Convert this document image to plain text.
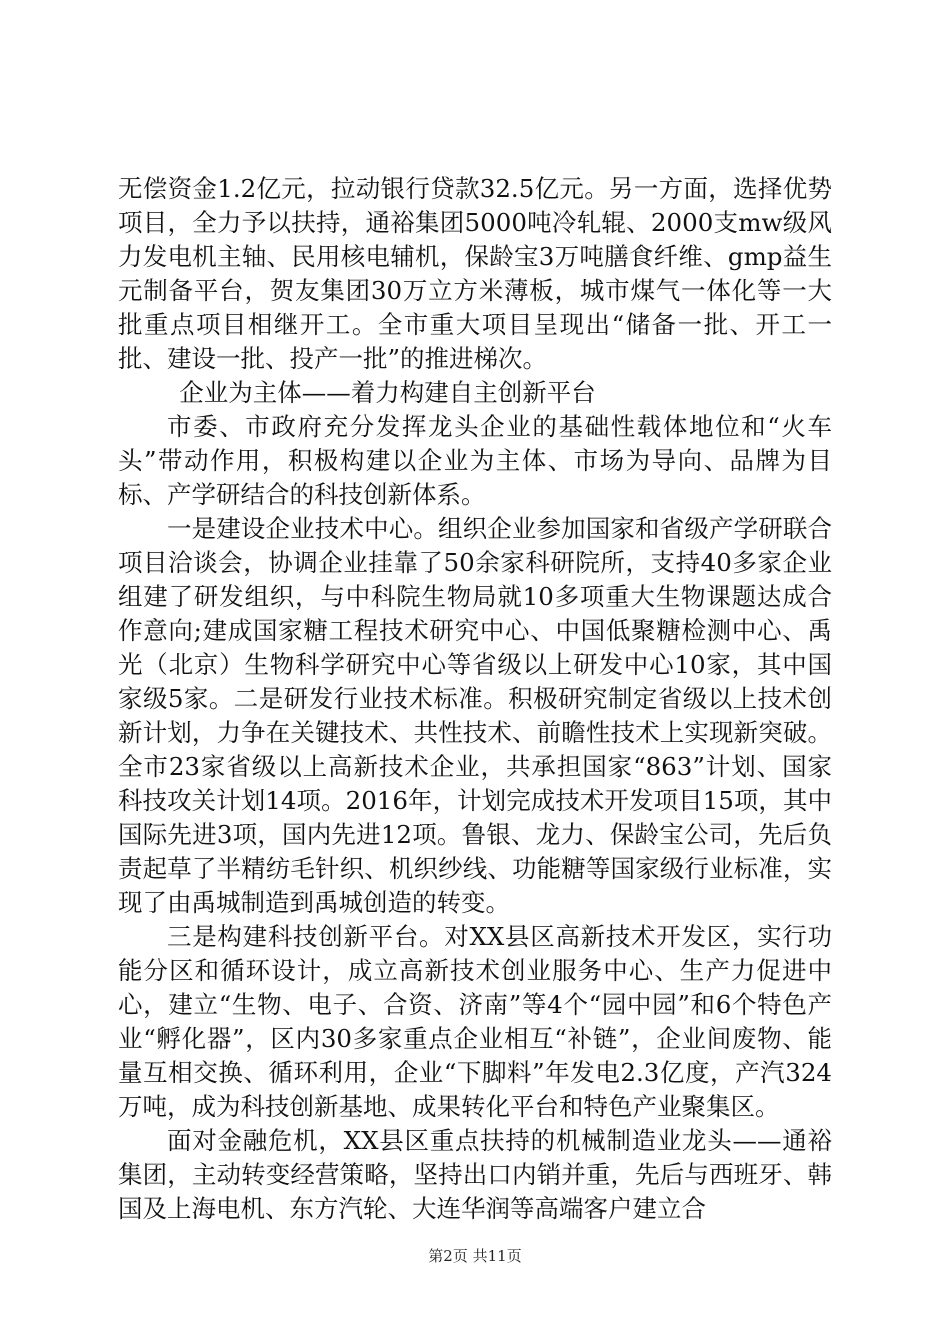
无偿资金1.2亿元，拉动银行贷款32.5亿元。另一方面，选择优势项目，全力予以扶持，通裕集团5000吨冷轧辊、2000支mw级风力发电机主轴、民用核电辅机，保龄宝3万吨膳食纤维、gmp益生元制备平台，贺友集团30万立方米薄板，城市煤气一体化等一大批重点项目相继开工。全市重大项目呈现出“储备一批、开工一批、建设一批、投产一批”的推进梯次。

企业为主体——着力构建自主创新平台

市委、市政府充分发挥龙头企业的基础性载体地位和“火车头”带动作用，积极构建以企业为主体、市场为导向、品牌为目标、产学研结合的科技创新体系。

一是建设企业技术中心。组织企业参加国家和省级产学研联合项目洽谈会，协调企业挂靠了50余家科研院所，支持40多家企业组建了研发组织，与中科院生物局就10多项重大生物课题达成合作意向;建成国家糖工程技术研究中心、中国低聚糖检测中心、禹光（北京）生物科学研究中心等省级以上研发中心10家，其中国家级5家。二是研发行业技术标准。积极研究制定省级以上技术创新计划，力争在关键技术、共性技术、前瞻性技术上实现新突破。全市23家省级以上高新技术企业，共承担国家“863”计划、国家科技攻关计划14项。2016年，计划完成技术开发项目15项，其中国际先进3项，国内先进12项。鲁银、龙力、保龄宝公司，先后负责起草了半精纺毛针织、机织纱线、功能糖等国家级行业标准，实现了由禹城制造到禹城创造的转变。

三是构建科技创新平台。对XX县区高新技术开发区，实行功能分区和循环设计，成立高新技术创业服务中心、生产力促进中心，建立“生物、电子、合资、济南”等4个“园中园”和6个特色产业“孵化器”，区内30多家重点企业相互“补链”，企业间废物、能量互相交换、循环利用，企业“下脚料”年发电2.3亿度，产汽324万吨，成为科技创新基地、成果转化平台和特色产业聚集区。

面对金融危机，XX县区重点扶持的机械制造业龙头——通裕集团，主动转变经营策略，坚持出口内销并重，先后与西班牙、韩国及上海电机、东方汽轮、大连华润等高端客户建立合

第2页 共11页
